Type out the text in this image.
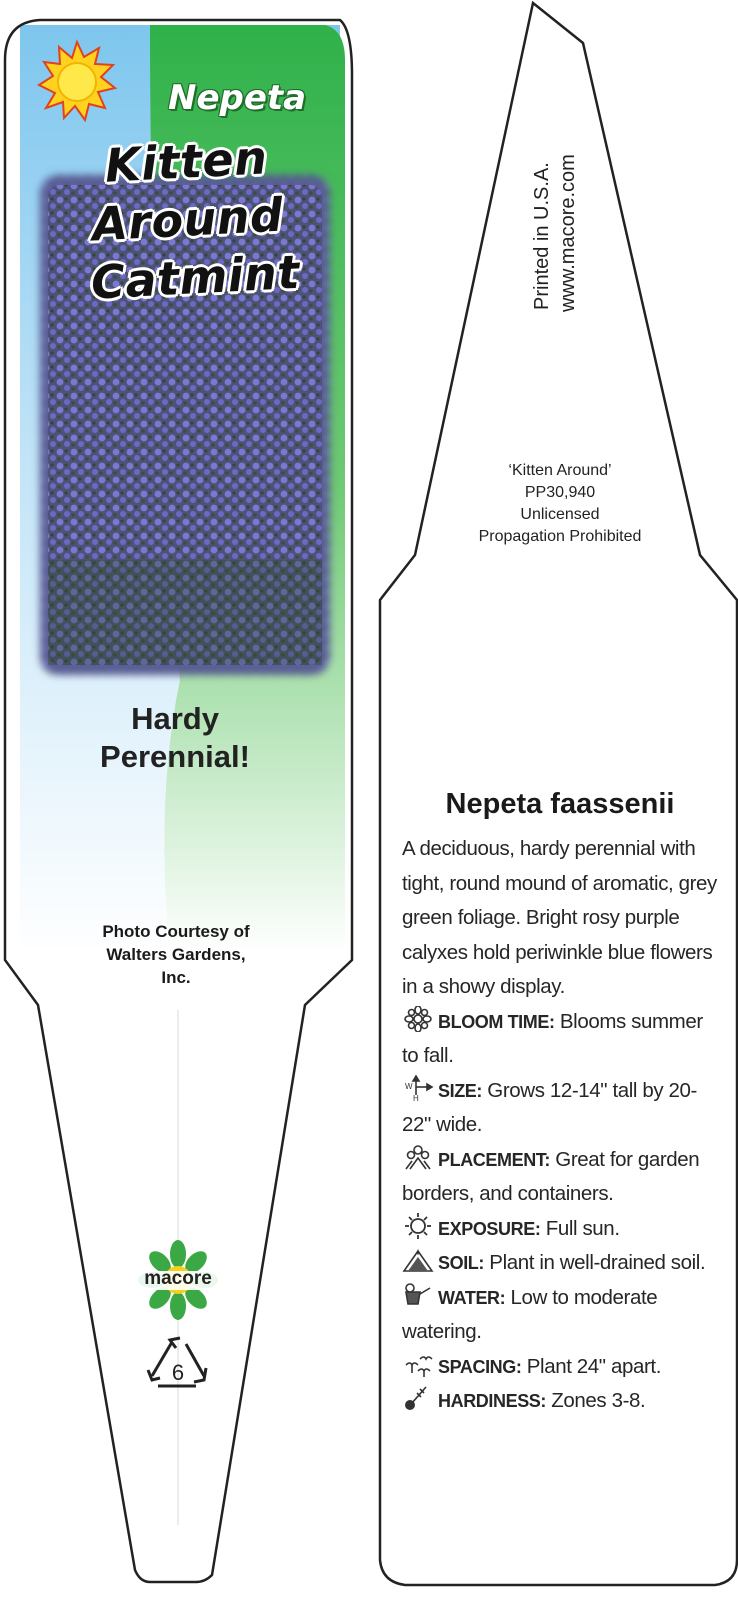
Nepeta
Kitten
Around
Catmint
Hardy
Perennial!
Photo Courtesy of
Walters Gardens,
Inc.
macore
6
Printed in U.S.A. www.macore.com
‘Kitten Around’
PP30,940
Unlicensed
Propagation Prohibited
Nepeta faassenii

A deciduous, hardy perennial with tight, round mound of aromatic, grey green foliage. Bright rosy purple calyxes hold periwinkle blue flowers in a showy display.

BLOOM TIME: Blooms summer to fall.

W
H SIZE: Grows 12-14" tall by 20-22" wide.

PLACEMENT: Great for garden borders, and containers.

EXPOSURE: Full sun.

SOIL: Plant in well-drained soil.

WATER: Low to moderate watering.

SPACING: Plant 24" apart.

HARDINESS: Zones 3-8.
